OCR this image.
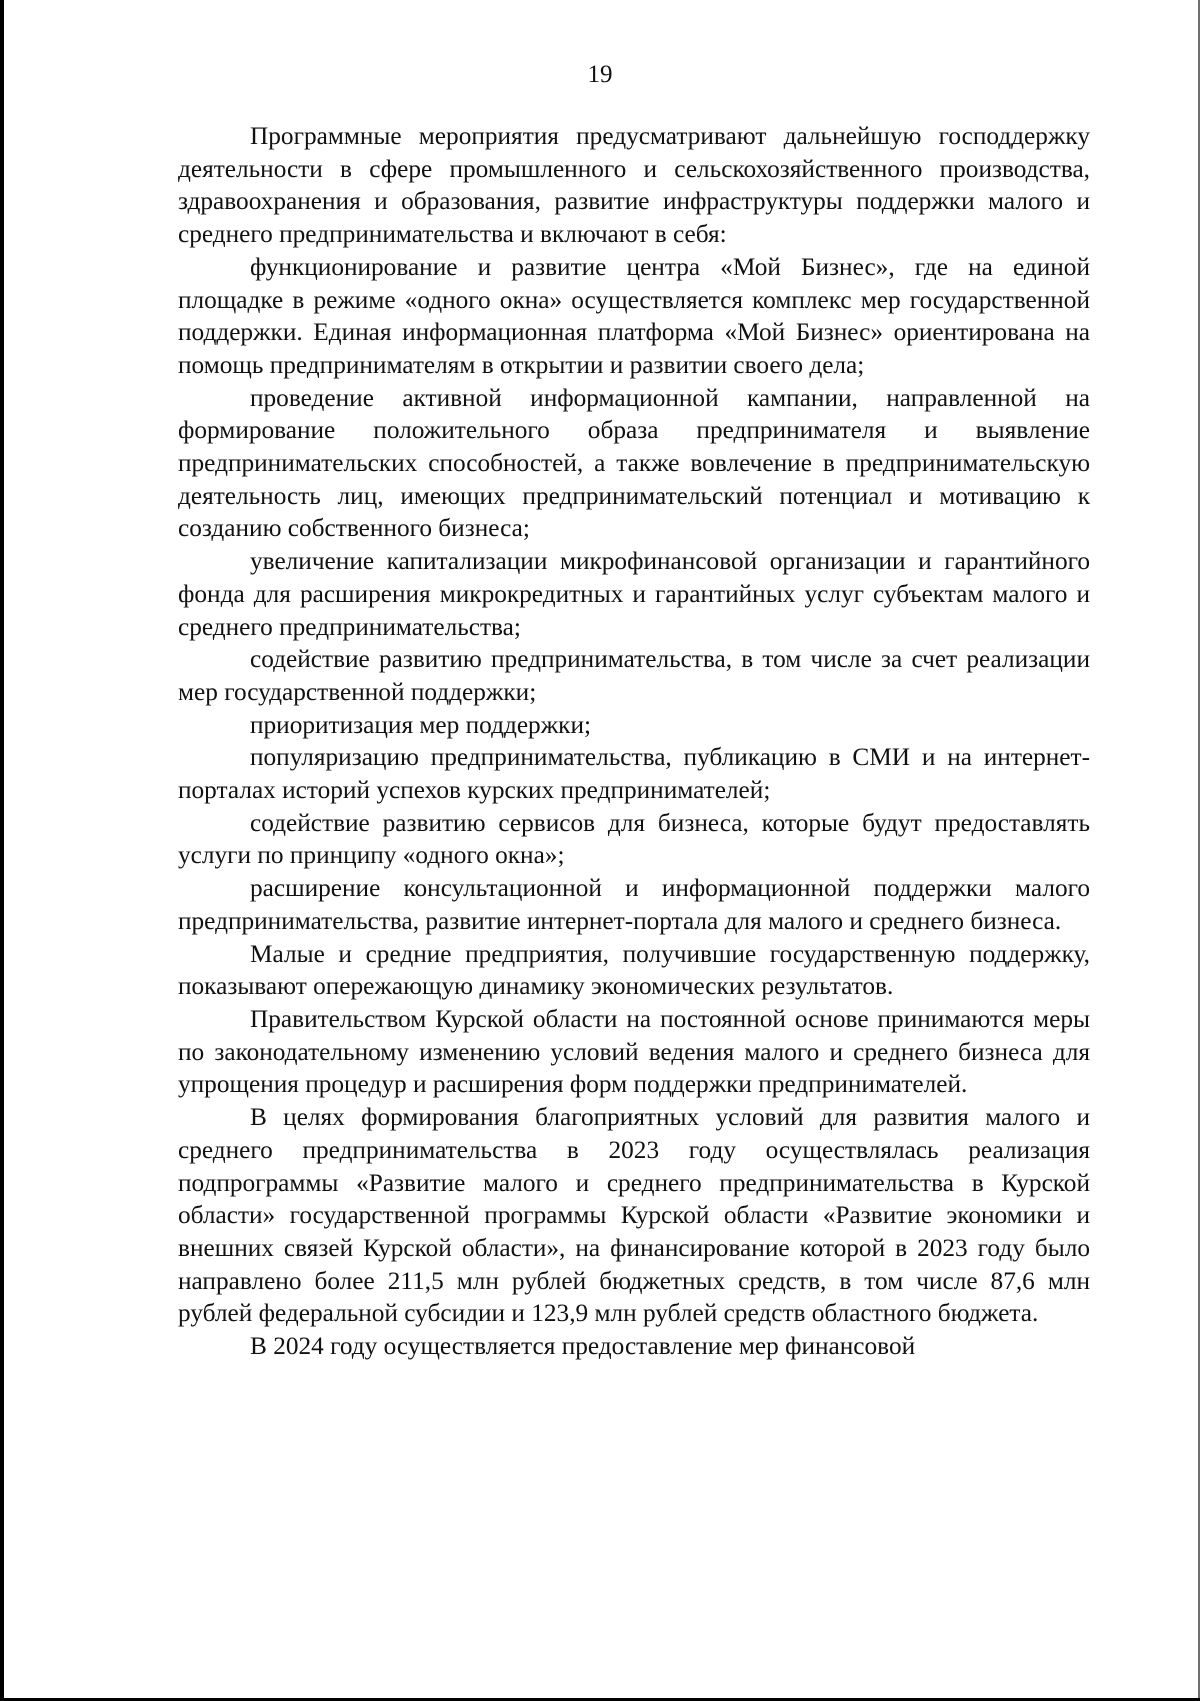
19

Программные мероприятия предусматривают дальнейшую господдержку деятельности в сфере промышленного и сельскохозяйственного производства, здравоохранения и образования, развитие инфраструктуры поддержки малого и среднего предпринимательства и включают в себя:

функционирование и развитие центра «Мой Бизнес», где на единой площадке в режиме «одного окна» осуществляется комплекс мер государственной поддержки. Единая информационная платформа «Мой Бизнес» ориентирована на помощь предпринимателям в открытии и развитии своего дела;

проведение активной информационной кампании, направленной на формирование положительного образа предпринимателя и выявление предпринимательских способностей, а также вовлечение в предпринимательскую деятельность лиц, имеющих предпринимательский потенциал и мотивацию к созданию собственного бизнеса;

увеличение капитализации микрофинансовой организации и гарантийного фонда для расширения микрокредитных и гарантийных услуг субъектам малого и среднего предпринимательства;

содействие развитию предпринимательства, в том числе за счет реализации мер государственной поддержки;

приоритизация мер поддержки;

популяризацию предпринимательства, публикацию в СМИ и на интернет-порталах историй успехов курских предпринимателей;

содействие развитию сервисов для бизнеса, которые будут предоставлять услуги по принципу «одного окна»;

расширение консультационной и информационной поддержки малого предпринимательства, развитие интернет-портала для малого и среднего бизнеса.

Малые и средние предприятия, получившие государственную поддержку, показывают опережающую динамику экономических результатов.

Правительством Курской области на постоянной основе принимаются меры по законодательному изменению условий ведения малого и среднего бизнеса для упрощения процедур и расширения форм поддержки предпринимателей.

В целях формирования благоприятных условий для развития малого и среднего предпринимательства в 2023 году осуществлялась реализация подпрограммы «Развитие малого и среднего предпринимательства в Курской области» государственной программы Курской области «Развитие экономики и внешних связей Курской области», на финансирование которой в 2023 году было направлено более 211,5 млн рублей бюджетных средств, в том числе 87,6 млн рублей федеральной субсидии и 123,9 млн рублей средств областного бюджета.

В 2024 году осуществляется предоставление мер финансовой
